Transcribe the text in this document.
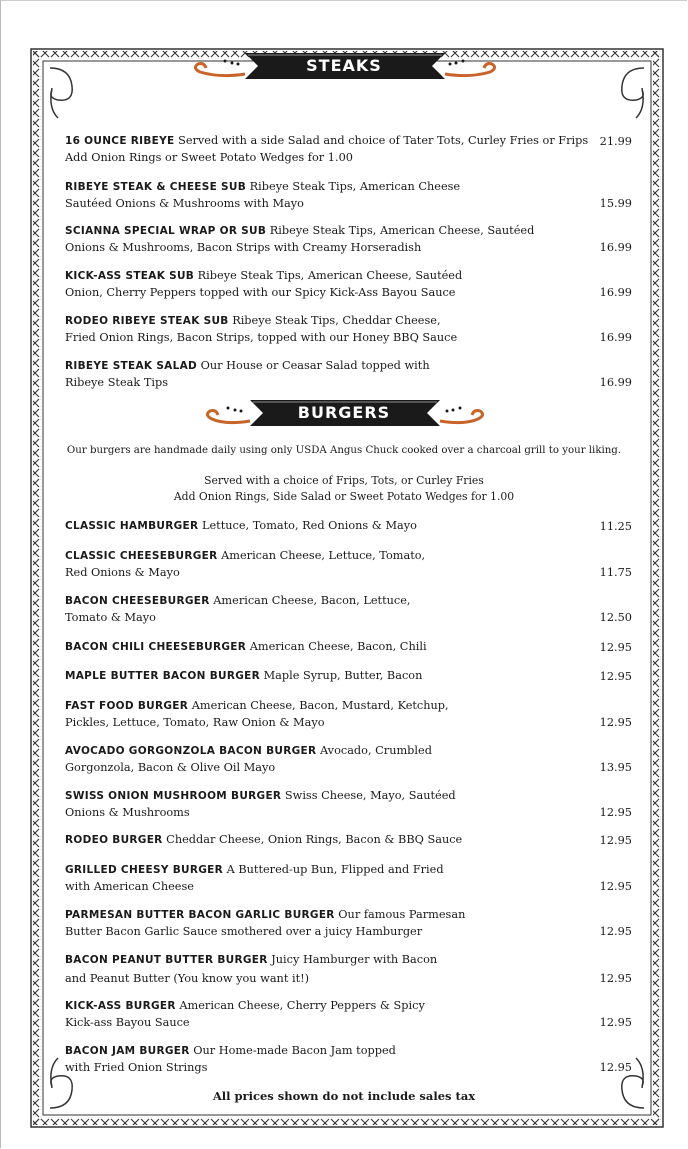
STEAKS
16 OUNCE RIBEYE Served with a side Salad and choice of Tater Tots, Curley Fries or Frips
Add Onion Rings or Sweet Potato Wedges for 1.00
21.99
RIBEYE STEAK & CHEESE SUB Ribeye Steak Tips, American Cheese
Sautéed Onions & Mushrooms with Mayo	15.99
SCIANNA SPECIAL WRAP OR SUB Ribeye Steak Tips, American Cheese, Sautéed
Onions & Mushrooms, Bacon Strips with Creamy Horseradish	16.99
KICK-ASS STEAK SUB Ribeye Steak Tips, American Cheese, Sautéed
Onion, Cherry Peppers topped with our Spicy Kick-Ass Bayou Sauce	16.99
RODEO RIBEYE STEAK SUB Ribeye Steak Tips, Cheddar Cheese,
Fried Onion Rings, Bacon Strips, topped with our Honey BBQ Sauce	16.99
RIBEYE STEAK SALAD Our House or Ceasar Salad topped with
Ribeye Steak Tips	16.99
BURGERS
Our burgers are handmade daily using only USDA Angus Chuck cooked over a charcoal grill to your liking.
Served with a choice of Frips, Tots, or Curley Fries
Add Onion Rings, Side Salad or Sweet Potato Wedges for 1.00
CLASSIC HAMBURGER Lettuce, Tomato, Red Onions & Mayo	11.25
CLASSIC CHEESEBURGER American Cheese, Lettuce, Tomato,
Red Onions & Mayo	11.75
BACON CHEESEBURGER American Cheese, Bacon, Lettuce,
Tomato & Mayo	12.50
BACON CHILI CHEESEBURGER American Cheese, Bacon, Chili	12.95
MAPLE BUTTER BACON BURGER Maple Syrup, Butter, Bacon	12.95
FAST FOOD BURGER American Cheese, Bacon, Mustard, Ketchup,
Pickles, Lettuce, Tomato, Raw Onion & Mayo	12.95
AVOCADO GORGONZOLA BACON BURGER Avocado, Crumbled
Gorgonzola, Bacon & Olive Oil Mayo	13.95
SWISS ONION MUSHROOM BURGER Swiss Cheese, Mayo, Sautéed
Onions & Mushrooms	12.95
RODEO BURGER Cheddar Cheese, Onion Rings, Bacon & BBQ Sauce	12.95
GRILLED CHEESY BURGER A Buttered-up Bun, Flipped and Fried
with American Cheese	12.95
PARMESAN BUTTER BACON GARLIC BURGER Our famous Parmesan
Butter Bacon Garlic Sauce smothered over a juicy Hamburger	12.95
BACON PEANUT BUTTER BURGER Juicy Hamburger with Bacon
and Peanut Butter (You know you want it!)	12.95
KICK-ASS BURGER American Cheese, Cherry Peppers & Spicy
Kick-ass Bayou Sauce	12.95
BACON JAM BURGER Our Home-made Bacon Jam topped
with Fried Onion Strings	12.95
All prices shown do not include sales tax
